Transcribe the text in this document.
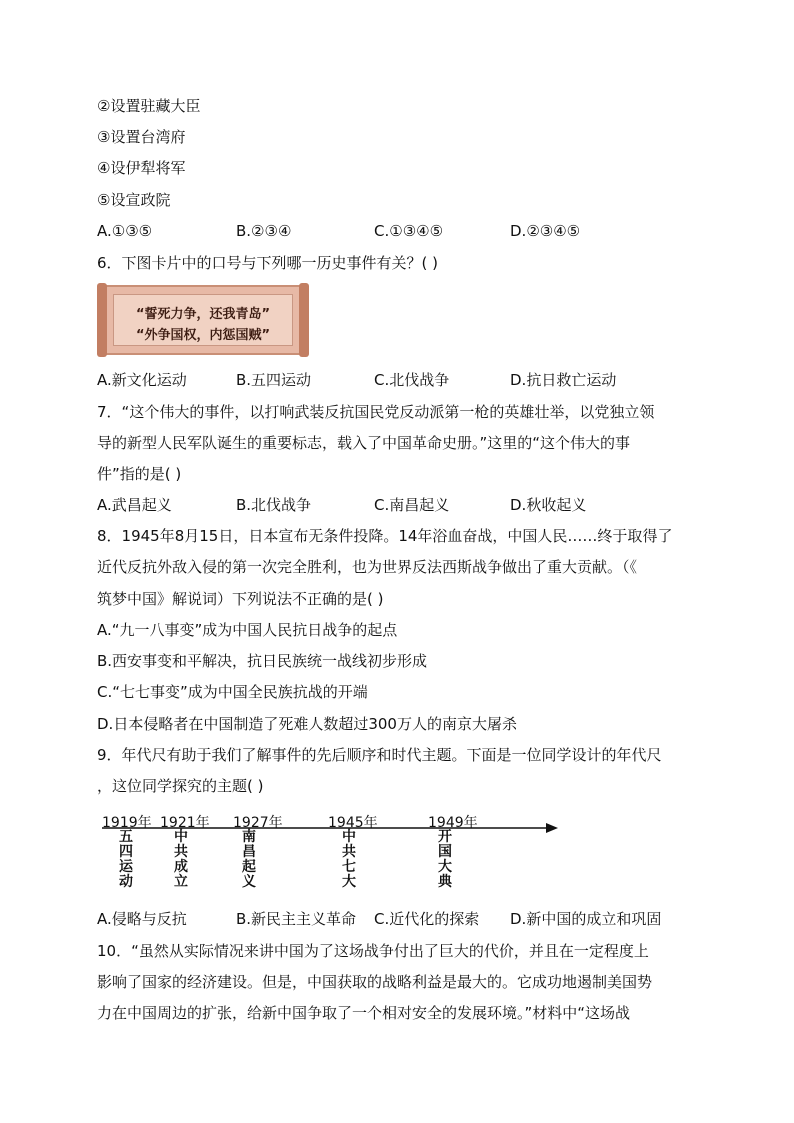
②设置驻藏大臣
③设置台湾府
④设伊犁将军
⑤设宣政院
A.①③⑤	B.②③④	C.①③④⑤	D.②③④⑤
6．下图卡片中的口号与下列哪一历史事件有关？( )
“誓死力争，还我青岛”
“外争国权，内惩国贼”
A.新文化运动	B.五四运动	C.北伐战争	D.抗日救亡运动
7．“这个伟大的事件，以打响武装反抗国民党反动派第一枪的英雄壮举，以党独立领
导的新型人民军队诞生的重要标志，载入了中国革命史册。”这里的“这个伟大的事
件”指的是( )
A.武昌起义	B.北伐战争	C.南昌起义	D.秋收起义
8．1945年8月15日，日本宣布无条件投降。14年浴血奋战，中国人民……终于取得了
近代反抗外敌入侵的第一次完全胜利，也为世界反法西斯战争做出了重大贡献。（《
筑梦中国》解说词）下列说法不正确的是( )
A.“九一八事变”成为中国人民抗日战争的起点
B.西安事变和平解决，抗日民族统一战线初步形成
C.“七七事变”成为中国全民族抗战的开端
D.日本侵略者在中国制造了死难人数超过300万人的南京大屠杀
9．年代尺有助于我们了解事件的先后顺序和时代主题。下面是一位同学设计的年代尺
，这位同学探究的主题( )
1919年 1921年 1927年	1945年	1949年
五四运动
中共成立
南昌起义
中共七大
开国大典
A.侵略与反抗	B.新民主主义革命 C.近代化的探索 D.新中国的成立和巩固
10．“虽然从实际情况来讲中国为了这场战争付出了巨大的代价，并且在一定程度上
影响了国家的经济建设。但是，中国获取的战略利益是最大的。它成功地遏制美国势
力在中国周边的扩张，给新中国争取了一个相对安全的发展环境。”材料中“这场战
